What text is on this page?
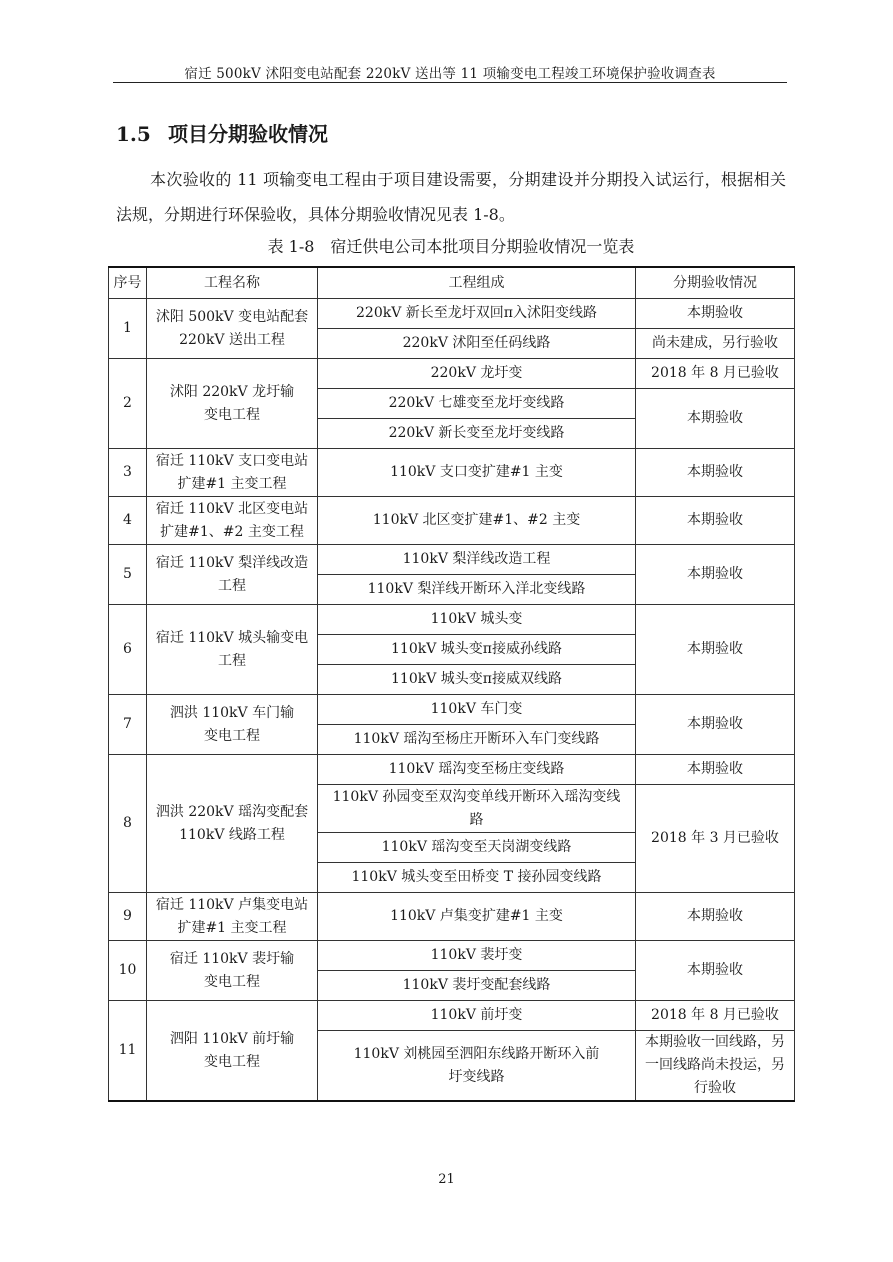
宿迁 500kV 沭阳变电站配套 220kV 送出等 11 项输变电工程竣工环境保护验收调查表
1.5 项目分期验收情况
本次验收的 11 项输变电工程由于项目建设需要，分期建设并分期投入试运行，根据相关法规，分期进行环保验收，具体分期验收情况见表 1-8。
表 1-8　宿迁供电公司本批项目分期验收情况一览表
序号	工程名称	工程组成	分期验收情况
1	沭阳 500kV 变电站配套 220kV 送出工程	220kV 新长至龙圩双回π入沭阳变线路	本期验收
		220kV 沭阳至任码线路	尚未建成，另行验收
2	沭阳 220kV 龙圩输变电工程	220kV 龙圩变	2018 年 8 月已验收
		220kV 七雄变至龙圩变线路	本期验收
		220kV 新长变至龙圩变线路	
3	宿迁 110kV 支口变电站扩建#1 主变工程	110kV 支口变扩建#1 主变	本期验收
4	宿迁 110kV 北区变电站扩建#1、#2 主变工程	110kV 北区变扩建#1、#2 主变	本期验收
5	宿迁 110kV 梨洋线改造工程	110kV 梨洋线改造工程	本期验收
		110kV 梨洋线开断环入洋北变线路	
6	宿迁 110kV 城头输变电工程	110kV 城头变	本期验收
		110kV 城头变π接威孙线路	
		110kV 城头变π接威双线路	
7	泗洪 110kV 车门输变电工程	110kV 车门变	本期验收
		110kV 瑶沟至杨庄开断环入车门变线路	
8	泗洪 220kV 瑶沟变配套 110kV 线路工程	110kV 瑶沟变至杨庄变线路	本期验收
		110kV 孙园变至双沟变单线开断环入瑶沟变线路	2018 年 3 月已验收
		110kV 瑶沟变至天岗湖变线路	
		110kV 城头变至田桥变 T 接孙园变线路	
9	宿迁 110kV 卢集变电站扩建#1 主变工程	110kV 卢集变扩建#1 主变	本期验收
10	宿迁 110kV 裴圩输变电工程	110kV 裴圩变	本期验收
		110kV 裴圩变配套线路	
11	泗阳 110kV 前圩输变电工程	110kV 前圩变	2018 年 8 月已验收
		110kV 刘桃园至泗阳东线路开断环入前圩变线路	本期验收一回线路，另一回线路尚未投运，另行验收
21
